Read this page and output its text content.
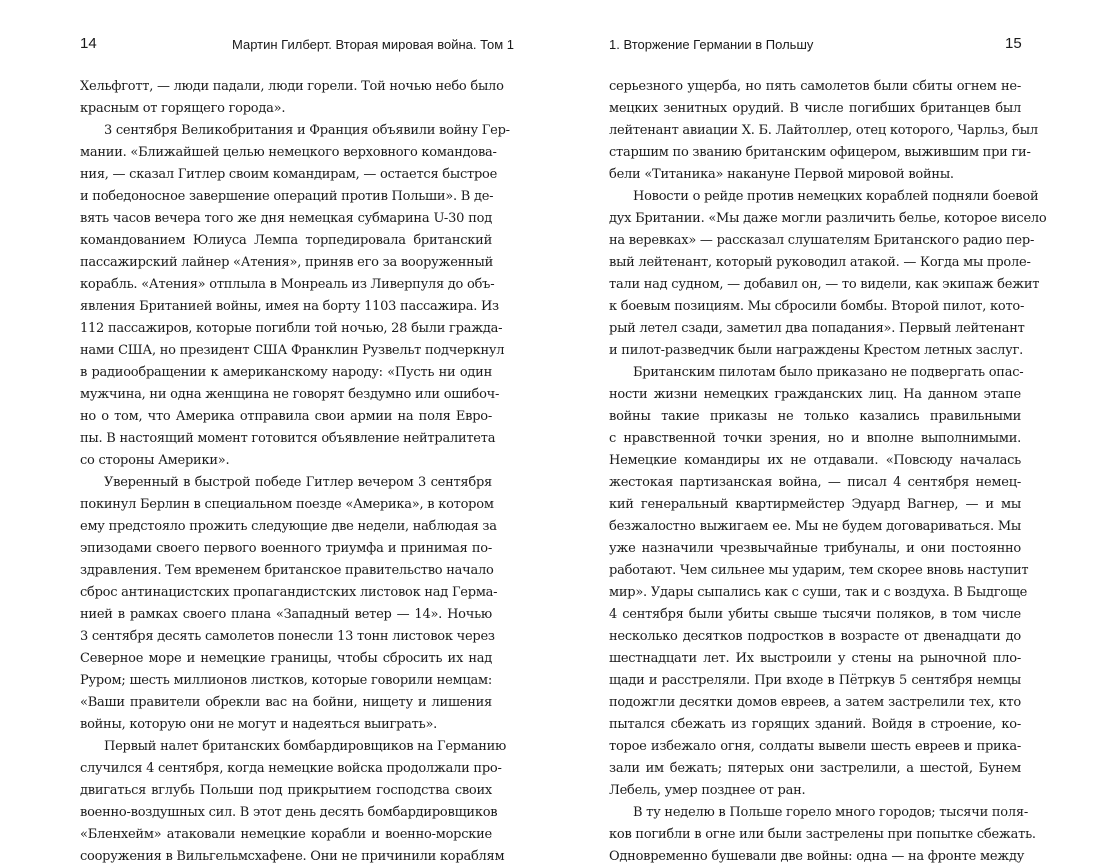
14	Мартин Гилберт. Вторая мировая война. Том 1
Хельфготт, — люди падали, люди горели. Той ночью небо было
красным от горящего города».
3 сентября Великобритания и Франция объявили войну Гер-
мании. «Ближайшей целью немецкого верховного командова-
ния, — сказал Гитлер своим командирам, — остается быстрое
и победоносное завершение операций против Польши». В де-
вять часов вечера того же дня немецкая субмарина U-30 под
командованием Юлиуса Лемпа торпедировала британский
пассажирский лайнер «Атения», приняв его за вооруженный
корабль. «Атения» отплыла в Монреаль из Ливерпуля до объ-
явления Британией войны, имея на борту 1103 пассажира. Из
112 пассажиров, которые погибли той ночью, 28 были гражда-
нами США, но президент США Франклин Рузвельт подчеркнул
в радиообращении к американскому народу: «Пусть ни один
мужчина, ни одна женщина не говорят бездумно или ошибоч-
но о том, что Америка отправила свои армии на поля Евро-
пы. В настоящий момент готовится объявление нейтралитета
со стороны Америки».
Уверенный в быстрой победе Гитлер вечером 3 сентября
покинул Берлин в специальном поезде «Америка», в котором
ему предстояло прожить следующие две недели, наблюдая за
эпизодами своего первого военного триумфа и принимая по-
здравления. Тем временем британское правительство начало
сброс антинацистских пропагандистских листовок над Герма-
нией в рамках своего плана «Западный ветер — 14». Ночью
3 сентября десять самолетов понесли 13 тонн листовок через
Северное море и немецкие границы, чтобы сбросить их над
Руром; шесть миллионов листков, которые говорили немцам:
«Ваши правители обрекли вас на бойни, нищету и лишения
войны, которую они не могут и надеяться выиграть».
Первый налет британских бомбардировщиков на Германию
случился 4 сентября, когда немецкие войска продолжали про-
двигаться вглубь Польши под прикрытием господства своих
военно-воздушных сил. В этот день десять бомбардировщиков
«Бленхейм» атаковали немецкие корабли и военно-морские
сооружения в Вильгельмсхафене. Они не причинили кораблям
1. Вторжение Германии в Польшу	15
серьезного ущерба, но пять самолетов были сбиты огнем не-
мецких зенитных орудий. В числе погибших британцев был
лейтенант авиации Х. Б. Лайтоллер, отец которого, Чарльз, был
старшим по званию британским офицером, выжившим при ги-
бели «Титаника» накануне Первой мировой войны.
Новости о рейде против немецких кораблей подняли боевой
дух Британии. «Мы даже могли различить белье, которое висело
на веревках» — рассказал слушателям Британского радио пер-
вый лейтенант, который руководил атакой. — Когда мы проле-
тали над судном, — добавил он, — то видели, как экипаж бежит
к боевым позициям. Мы сбросили бомбы. Второй пилот, кото-
рый летел сзади, заметил два попадания». Первый лейтенант
и пилот-разведчик были награждены Крестом летных заслуг.
Британским пилотам было приказано не подвергать опас-
ности жизни немецких гражданских лиц. На данном этапе
войны такие приказы не только казались правильными
с нравственной точки зрения, но и вполне выполнимыми.
Немецкие командиры их не отдавали. «Повсюду началась
жестокая партизанская война, — писал 4 сентября немец-
кий генеральный квартирмейстер Эдуард Вагнер, — и мы
безжалостно выжигаем ее. Мы не будем договариваться. Мы
уже назначили чрезвычайные трибуналы, и они постоянно
работают. Чем сильнее мы ударим, тем скорее вновь наступит
мир». Удары сыпались как с суши, так и с воздуха. В Быдгоще
4 сентября были убиты свыше тысячи поляков, в том числе
несколько десятков подростков в возрасте от двенадцати до
шестнадцати лет. Их выстроили у стены на рыночной пло-
щади и расстреляли. При входе в Пётркув 5 сентября немцы
подожгли десятки домов евреев, а затем застрелили тех, кто
пытался сбежать из горящих зданий. Войдя в строение, ко-
торое избежало огня, солдаты вывели шесть евреев и прика-
зали им бежать; пятерых они застрелили, а шестой, Бунем
Лебель, умер позднее от ран.
В ту неделю в Польше горело много городов; тысячи поля-
ков погибли в огне или были застрелены при попытке сбежать.
Одновременно бушевали две войны: одна — на фронте между
